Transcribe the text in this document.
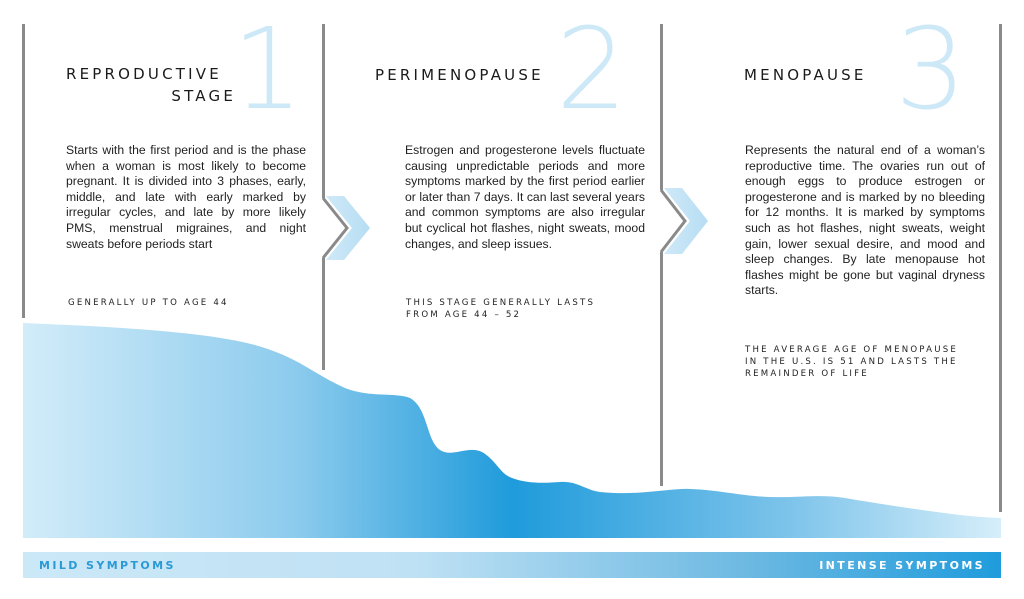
1
REPRODUCTIVE
STAGE
Starts with the first period and is the phase when a woman is most likely to become pregnant. It is divided into 3 phases, early, middle, and late with early marked by irregular cycles, and late by more likely PMS, menstrual migraines, and night sweats before periods start
GENERALLY UP TO AGE 44
2
PERIMENOPAUSE
Estrogen and progesterone levels fluctuate causing unpredictable periods and more symptoms marked by the first period earlier or later than 7 days. It can last several years and common symptoms are also irregular but cyclical hot flashes, night sweats, mood changes, and sleep issues.
THIS STAGE GENERALLY LASTS
FROM AGE 44 – 52
3
MENOPAUSE
Represents the natural end of a woman’s reproductive time. The ovaries run out of enough eggs to produce estrogen or progesterone and is marked by no bleeding for 12 months. It is marked by symptoms such as hot flashes, night sweats, weight gain, lower sexual desire, and mood and sleep changes. By late menopause hot flashes might be gone but vaginal dryness starts.
THE AVERAGE AGE OF MENOPAUSE
IN THE U.S. IS 51 AND LASTS THE
REMAINDER OF LIFE
MILD SYMPTOMS	INTENSE SYMPTOMS
